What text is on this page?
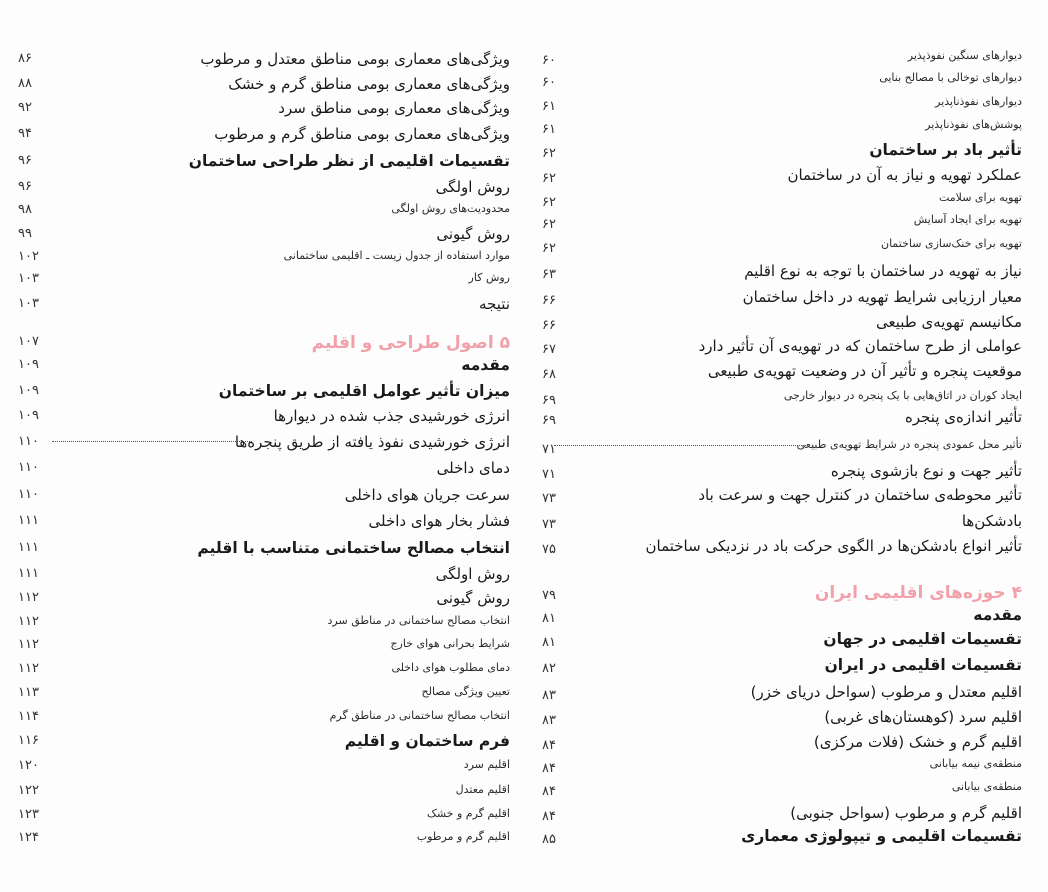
ویژگی‌های معماری بومی مناطق معتدل و مرطوب
ویژگی‌های معماری بومی مناطق گرم و خشک
ویژگی‌های معماری بومی مناطق سرد
ویژگی‌های معماری بومی مناطق گرم و مرطوب
تقسیمات اقلیمی از نظر طراحی ساختمان
روش اولگی
محدودیت‌های روش اولگی
روش گیونی
موارد استفاده از جدول زیست ـ اقلیمی ساختمانی
روش کار
نتیجه
۵ اصول طراحی و اقلیم
مقدمه
میزان تأثیر عوامل اقلیمی بر ساختمان
انرژی خورشیدی جذب شده در دیوارها
انرژی خورشیدی نفوذ یافته از طریق پنجره‌ها
دمای داخلی
سرعت جریان هوای داخلی
فشار بخار هوای داخلی
انتخاب مصالح ساختمانی متناسب با اقلیم
روش اولگی
روش گیونی
انتخاب مصالح ساختمانی در مناطق سرد
شرایط بحرانی هوای خارج
دمای مطلوب هوای داخلی
تعیین ویژگی مصالح
انتخاب مصالح ساختمانی در مناطق گرم
فرم ساختمان و اقلیم
اقلیم سرد
اقلیم معتدل
اقلیم گرم و خشک
اقلیم گرم و مرطوب
۸۶
۸۸
۹۲
۹۴
۹۶
۹۶
۹۸
۹۹
۱۰۲
۱۰۳
۱۰۳
۱۰۷
۱۰۹
۱۰۹
۱۰۹
۱۱۰
۱۱۰
۱۱۰
۱۱۱
۱۱۱
۱۱۱
۱۱۲
۱۱۲
۱۱۲
۱۱۲
۱۱۳
۱۱۴
۱۱۶
۱۲۰
۱۲۲
۱۲۳
۱۲۴
دیوارهای سنگین نفوذپذیر
دیوارهای توخالی با مصالح بنایی
دیوارهای نفوذناپذیر
پوشش‌های نفوذناپذیر
تأثیر باد بر ساختمان
عملکرد تهویه و نیاز به آن در ساختمان
تهویه برای سلامت
تهویه برای ایجاد آسایش
تهویه برای خنک‌سازی ساختمان
نیاز به تهویه در ساختمان با توجه به نوع اقلیم
معیار ارزیابی شرایط تهویه در داخل ساختمان
مکانیسم تهویه‌ی طبیعی
عواملی از طرح ساختمان که در تهویه‌ی آن تأثیر دارد
موقعیت پنجره و تأثیر آن در وضعیت تهویه‌ی طبیعی
ایجاد کوران در اتاق‌هایی با یک پنجره در دیوار خارجی
تأثیر اندازه‌ی پنجره
تأثیر محل عمودی پنجره در شرایط تهویه‌ی طبیعی
تأثیر جهت و نوع بازشوی پنجره
تأثیر محوطه‌ی ساختمان در کنترل جهت و سرعت باد
بادشکن‌ها
تأثیر انواع بادشکن‌ها در الگوی حرکت باد در نزدیکی ساختمان
۴ حوزه‌های اقلیمی ایران
مقدمه
تقسیمات اقلیمی در جهان
تقسیمات اقلیمی در ایران
اقلیم معتدل و مرطوب (سواحل دریای خزر)
اقلیم سرد (کوهستان‌های غربی)
اقلیم گرم و خشک (فلات مرکزی)
منطقه‌ی نیمه بیابانی
منطقه‌ی بیابانی
اقلیم گرم و مرطوب (سواحل جنوبی)
تقسیمات اقلیمی و تیپولوژی معماری
۶۰
۶۰
۶۱
۶۱
۶۲
۶۲
۶۲
۶۲
۶۲
۶۳
۶۶
۶۶
۶۷
۶۸
۶۹
۶۹
۷۱
۷۱
۷۳
۷۳
۷۵
۷۹
۸۱
۸۱
۸۲
۸۳
۸۳
۸۴
۸۴
۸۴
۸۴
۸۵
